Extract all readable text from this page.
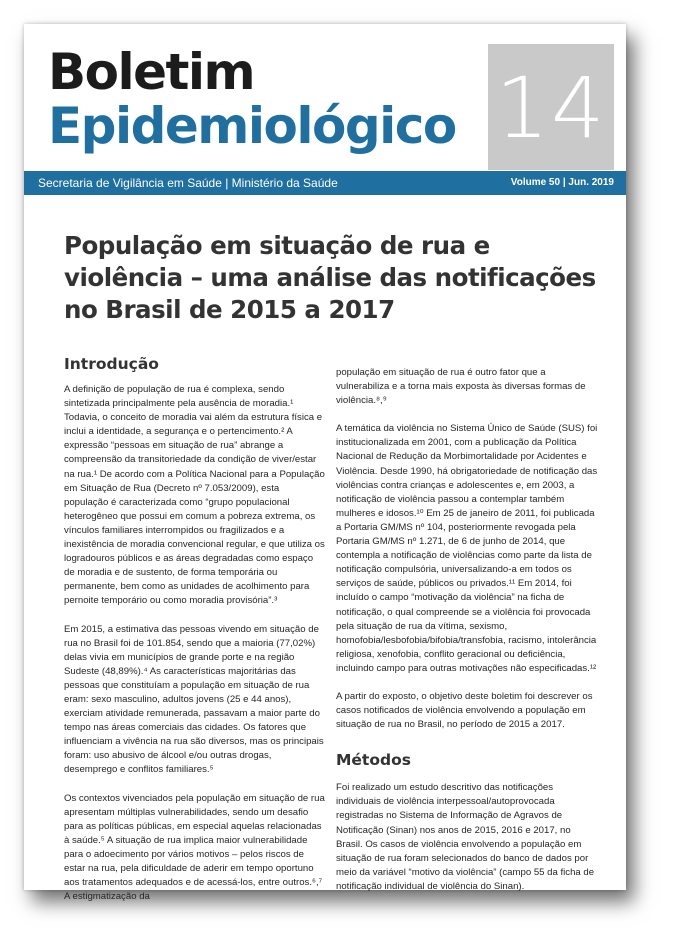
Boletim
Epidemiológico 14
Secretaria de Vigilância em Saúde | Ministério da Saúde	Volume 50 | Jun. 2019
População em situação de rua e violência – uma análise das notificações no Brasil de 2015 a 2017
Introdução

A definição de população de rua é complexa, sendo sintetizada principalmente pela ausência de moradia.¹ Todavia, o conceito de moradia vai além da estrutura física e inclui a identidade, a segurança e o pertencimento.² A expressão “pessoas em situação de rua” abrange a compreensão da transitoriedade da condição de viver/estar na rua.¹ De acordo com a Política Nacional para a População em Situação de Rua (Decreto nº 7.053/2009), esta população é caracterizada como “grupo populacional heterogêneo que possui em comum a pobreza extrema, os vínculos familiares interrompidos ou fragilizados e a inexistência de moradia convencional regular, e que utiliza os logradouros públicos e as áreas degradadas como espaço de moradia e de sustento, de forma temporária ou permanente, bem como as unidades de acolhimento para pernoite temporário ou como moradia provisória”.³

Em 2015, a estimativa das pessoas vivendo em situação de rua no Brasil foi de 101.854, sendo que a maioria (77,02%) delas vivia em municípios de grande porte e na região Sudeste (48,89%).⁴ As características majoritárias das pessoas que constituíam a população em situação de rua eram: sexo masculino, adultos jovens (25 e 44 anos), exerciam atividade remunerada, passavam a maior parte do tempo nas áreas comerciais das cidades. Os fatores que influenciam a vivência na rua são diversos, mas os principais foram: uso abusivo de álcool e/ou outras drogas, desemprego e conflitos familiares.⁵

Os contextos vivenciados pela população em situação de rua apresentam múltiplas vulnerabilidades, sendo um desafio para as políticas públicas, em especial aquelas relacionadas à saúde.⁵ A situação de rua implica maior vulnerabilidade para o adoecimento por vários motivos – pelos riscos de estar na rua, pela dificuldade de aderir em tempo oportuno aos tratamentos adequados e de acessá-los, entre outros.⁶,⁷ A estigmatização da

população em situação de rua é outro fator que a vulnerabiliza e a torna mais exposta às diversas formas de violência.⁸,⁹

A temática da violência no Sistema Único de Saúde (SUS) foi institucionalizada em 2001, com a publicação da Política Nacional de Redução da Morbimortalidade por Acidentes e Violência. Desde 1990, há obrigatoriedade de notificação das violências contra crianças e adolescentes e, em 2003, a notificação de violência passou a contemplar também mulheres e idosos.¹⁰ Em 25 de janeiro de 2011, foi publicada a Portaria GM/MS nº 104, posteriormente revogada pela Portaria GM/MS nº 1.271, de 6 de junho de 2014, que contempla a notificação de violências como parte da lista de notificação compulsória, universalizando-a em todos os serviços de saúde, públicos ou privados.¹¹ Em 2014, foi incluído o campo “motivação da violência” na ficha de notificação, o qual compreende se a violência foi provocada pela situação de rua da vítima, sexismo, homofobia/lesbofobia/bifobia/transfobia, racismo, intolerância religiosa, xenofobia, conflito geracional ou deficiência, incluindo campo para outras motivações não especificadas.¹²

A partir do exposto, o objetivo deste boletim foi descrever os casos notificados de violência envolvendo a população em situação de rua no Brasil, no período de 2015 a 2017.

Métodos

Foi realizado um estudo descritivo das notificações individuais de violência interpessoal/autoprovocada registradas no Sistema de Informação de Agravos de Notificação (Sinan) nos anos de 2015, 2016 e 2017, no Brasil. Os casos de violência envolvendo a população em situação de rua foram selecionados do banco de dados por meio da variável “motivo da violência” (campo 55 da ficha de notificação individual de violência do Sinan).
